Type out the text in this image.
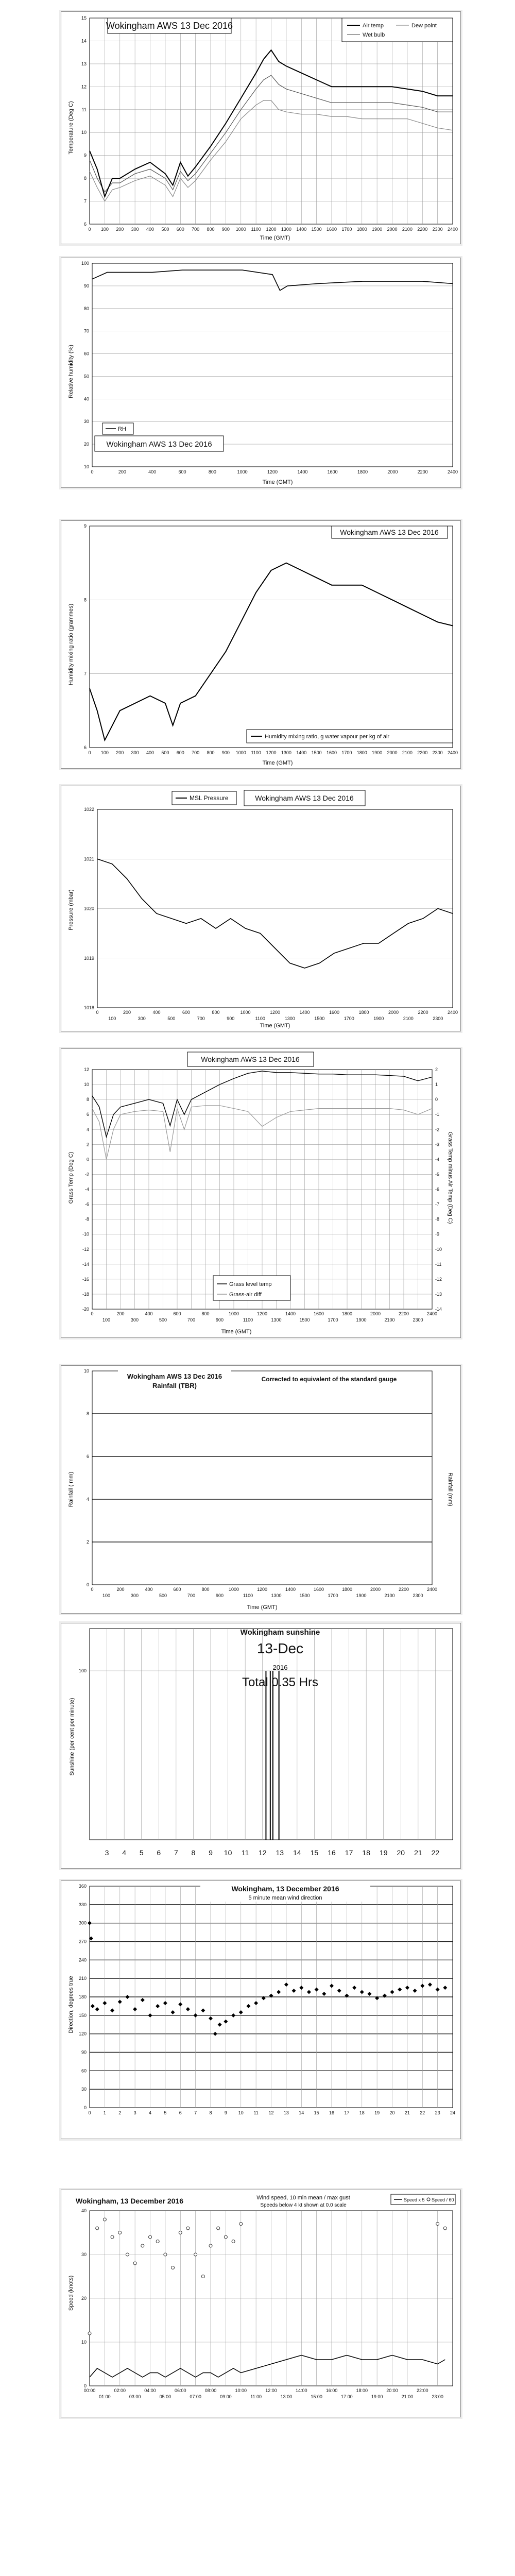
15
14
13
12
11
10
9
8
7
6
2400
2300
2200
2100
2000
1900
1800
1700
1600
1500
1400
1300
1200
1100
1000
900
800
700
600
500
400
300
200
100
0
Temperature (Deg C)
Time (GMT)
Wokingham AWS 13 Dec 2016	Air temp	Dew point
Wet bulb
100
90
80
70
60
50
40
30
20
10
2400
2200
2000
1800
1600
1400
1200
1000
800
600
400
200
0
Relative humidity (%)
Time (GMT)
RH
Wokingham AWS 13 Dec 2016
9
8
7
6
2400
2300
2200
2100
2000
1900
1800
1700
1600
1500
1400
1300
1200
1100
1000
900
800
700
600
500
400
300
200
100
0
Humidity mixing ratio (grammes)
Time (GMT)
Wokingham AWS 13 Dec 2016
Humidity mixing ratio, g water vapour per kg of air
1022
1021
1020
1019
1018
2300
2100
1900
1700
1500
1300
1100
900
700
500
300
100
2400
2200
2000
1800
1600
1400
1200
1000
800
600
400
200
0
Pressure (mbar)
Time (GMT)
MSL Pressure	Wokingham AWS 13 Dec 2016
-20
-18
-16
-14
-12
-10
-8
-6
-4
-2
0
2
4
6
8
10
12
2300
2100
1900
1700
1500
1300
1100
900
700
500
300
100
2400
2200
2000
1800
1600
1400
1200
1000
800
600
400
200
0
-14
-13
-12
-11
-10
-9
-8
-7
-6
-5
-4
-3
-2
-1
0
1
2
Grass Temp (Deg C)	Grass Temp minus Air Temp (Deg C)
Time (GMT)
Wokingham AWS 13 Dec 2016
Grass level temp
Grass-air diff
10
8
6
4
2
0
2300
2100
1900
1700
1500
1300
1100
900
700
500
300
100
2400
2200
2000
1800
1600
1400
1200
1000
800
600
400
200
0
Rainfall ( mm)	Rainfall (mm)
Time (GMT)
Wokingham AWS 13 Dec 2016
Rainfall (TBR)
Corrected to equivalent of the standard gauge
22
21
20
19
18
17
16
15
14
13
12
11
10
9
8
7
6
5
4
3
100
Sunshine (per cent per minute)
Wokingham sunshine
13-Dec
2016
Total 0.35 Hrs
360
330
300
270
240
210
180
150
120
90
60
30
0
24
23
22
21
20
19
18
17
16
15
14
13
12
11
10
9
8
7
6
5
4
3
2
1
0
Direction, degrees true
Wokingham, 13 December 2016
5 minute mean wind direction
40
30
20
10
0
23:00
21:00
19:00
17:00
15:00
13:00
11:00
09:00
07:00
05:00
03:00
01:00
22:00
20:00
18:00
16:00
14:00
12:00
10:00
08:00
06:00
04:00
02:00
00:00
Speed (knots)
Wokingham, 13 December 2016	Wind speed, 10 min mean / max gust
Speeds below 4 kt shown at 0.0 scale
Speed x 5 Speed / 60
